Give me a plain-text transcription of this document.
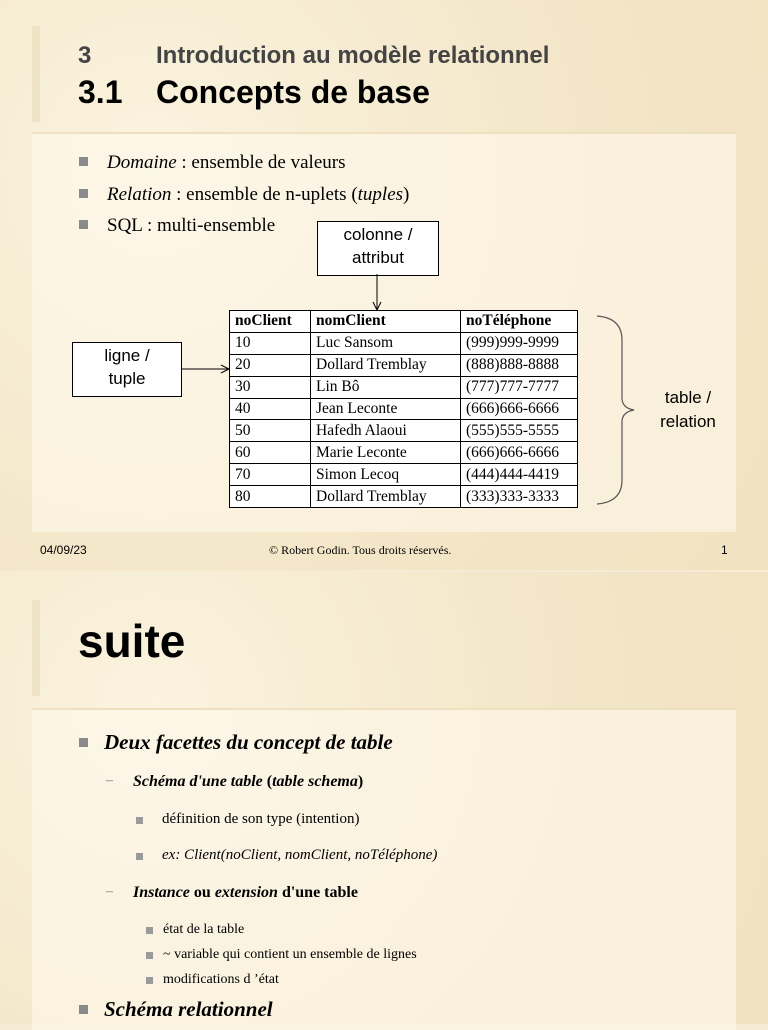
3	Introduction au modèle relationnel
3.1 Concepts de base
Domaine : ensemble de valeurs
Relation : ensemble de n-uplets (tuples)
SQL : multi-ensemble	colonne /
attribut
ligne /
tuple
table /
relation
noClient	nomClient	noTéléphone
10	Luc Sansom	(999)999-9999
20	Dollard Tremblay	(888)888-8888
30	Lin Bô	(777)777-7777
40	Jean Leconte	(666)666-6666
50	Hafedh Alaoui	(555)555-5555
60	Marie Leconte	(666)666-6666
70	Simon Lecoq	(444)444-4419
80	Dollard Tremblay	(333)333-3333
04/09/23	© Robert Godin. Tous droits réservés.	1
suite
Deux facettes du concept de table
– Schéma d'une table (table schema)
définition de son type (intention)
ex: Client(noClient, nomClient, noTéléphone)
– Instance ou extension d'une table
état de la table
~ variable qui contient un ensemble de lignes
modifications d ’état
Schéma relationnel
